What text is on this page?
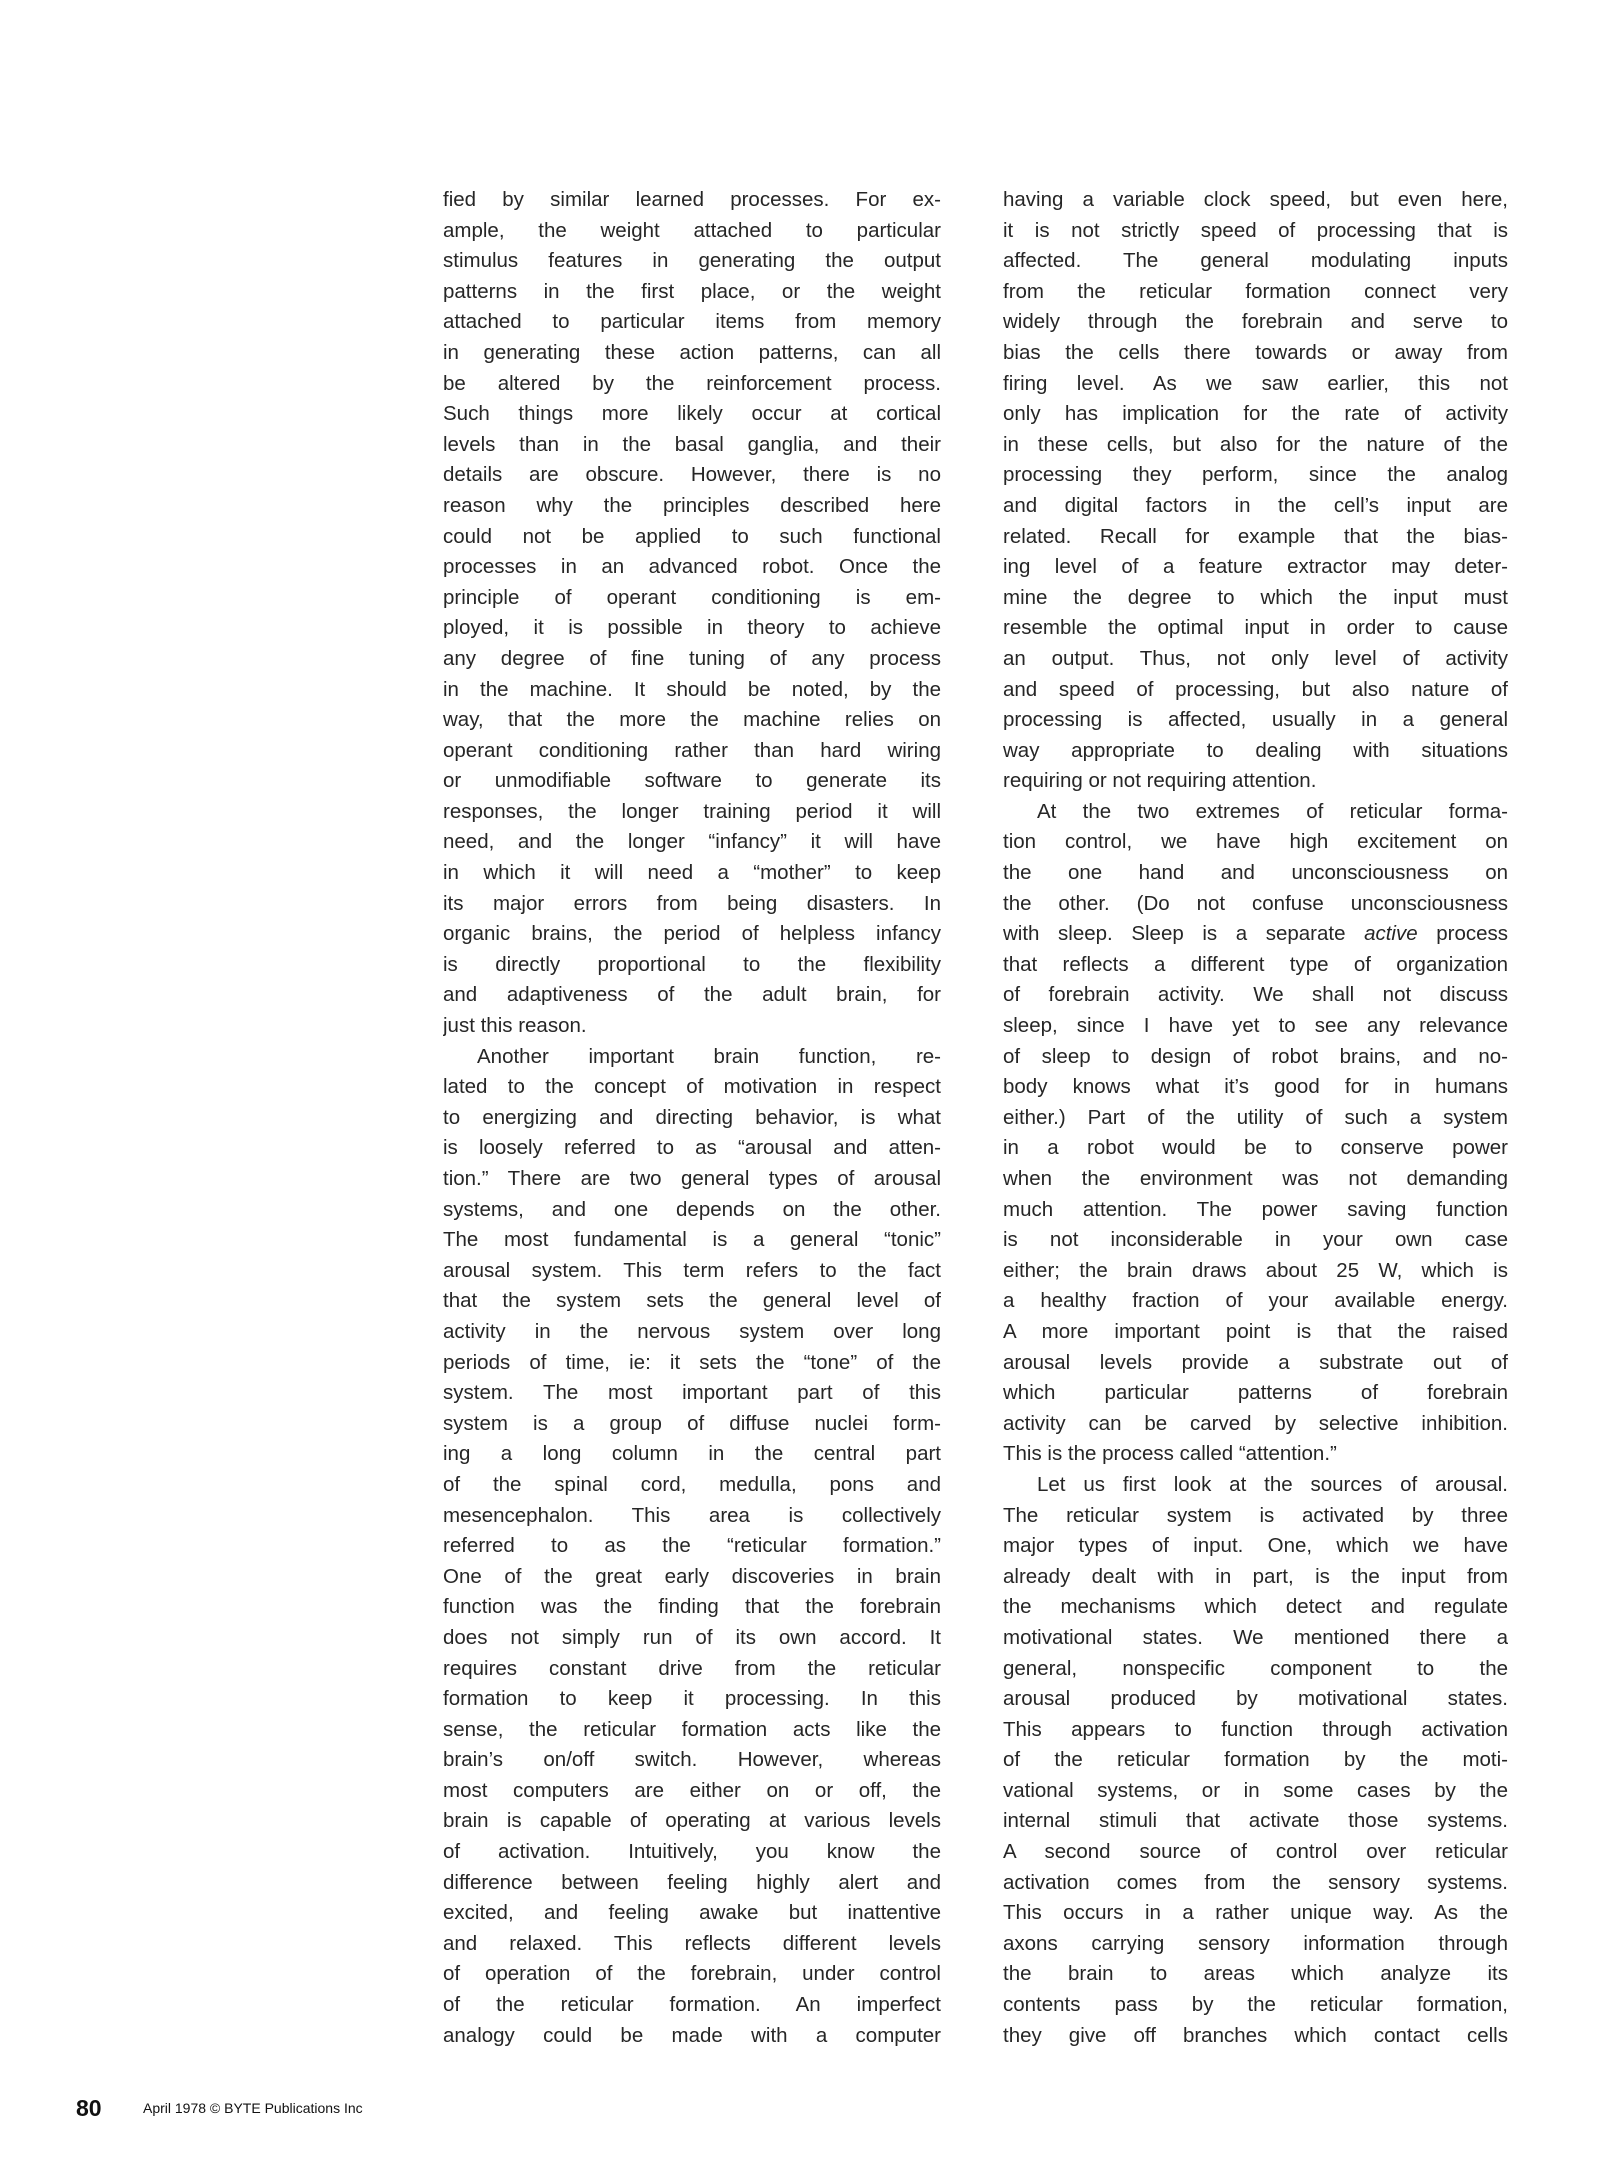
fied by similar learned processes. For ex-
ample, the weight attached to particular
stimulus features in generating the output
patterns in the first place, or the weight
attached to particular items from memory
in generating these action patterns, can all
be altered by the reinforcement process.
Such things more likely occur at cortical
levels than in the basal ganglia, and their
details are obscure. However, there is no
reason why the principles described here
could not be applied to such functional
processes in an advanced robot. Once the
principle of operant conditioning is em-
ployed, it is possible in theory to achieve
any degree of fine tuning of any process
in the machine. It should be noted, by the
way, that the more the machine relies on
operant conditioning rather than hard wiring
or unmodifiable software to generate its
responses, the longer training period it will
need, and the longer “infancy” it will have
in which it will need a “mother” to keep
its major errors from being disasters. In
organic brains, the period of helpless infancy
is directly proportional to the flexibility
and adaptiveness of the adult brain, for
just this reason.
Another important brain function, re-
lated to the concept of motivation in respect
to energizing and directing behavior, is what
is loosely referred to as “arousal and atten-
tion.” There are two general types of arousal
systems, and one depends on the other.
The most fundamental is a general “tonic”
arousal system. This term refers to the fact
that the system sets the general level of
activity in the nervous system over long
periods of time, ie: it sets the “tone” of the
system. The most important part of this
system is a group of diffuse nuclei form-
ing a long column in the central part
of the spinal cord, medulla, pons and
mesencephalon. This area is collectively
referred to as the “reticular formation.”
One of the great early discoveries in brain
function was the finding that the forebrain
does not simply run of its own accord. It
requires constant drive from the reticular
formation to keep it processing. In this
sense, the reticular formation acts like the
brain’s on/off switch. However, whereas
most computers are either on or off, the
brain is capable of operating at various levels
of activation. Intuitively, you know the
difference between feeling highly alert and
excited, and feeling awake but inattentive
and relaxed. This reflects different levels
of operation of the forebrain, under control
of the reticular formation. An imperfect
analogy could be made with a computer
having a variable clock speed, but even here,
it is not strictly speed of processing that is
affected. The general modulating inputs
from the reticular formation connect very
widely through the forebrain and serve to
bias the cells there towards or away from
firing level. As we saw earlier, this not
only has implication for the rate of activity
in these cells, but also for the nature of the
processing they perform, since the analog
and digital factors in the cell’s input are
related. Recall for example that the bias-
ing level of a feature extractor may deter-
mine the degree to which the input must
resemble the optimal input in order to cause
an output. Thus, not only level of activity
and speed of processing, but also nature of
processing is affected, usually in a general
way appropriate to dealing with situations
requiring or not requiring attention.
At the two extremes of reticular forma-
tion control, we have high excitement on
the one hand and unconsciousness on
the other. (Do not confuse unconsciousness
with sleep. Sleep is a separate active process
that reflects a different type of organization
of forebrain activity. We shall not discuss
sleep, since I have yet to see any relevance
of sleep to design of robot brains, and no-
body knows what it’s good for in humans
either.) Part of the utility of such a system
in a robot would be to conserve power
when the environment was not demanding
much attention. The power saving function
is not inconsiderable in your own case
either; the brain draws about 25 W, which is
a healthy fraction of your available energy.
A more important point is that the raised
arousal levels provide a substrate out of
which particular patterns of forebrain
activity can be carved by selective inhibition.
This is the process called “attention.”
Let us first look at the sources of arousal.
The reticular system is activated by three
major types of input. One, which we have
already dealt with in part, is the input from
the mechanisms which detect and regulate
motivational states. We mentioned there a
general, nonspecific component to the
arousal produced by motivational states.
This appears to function through activation
of the reticular formation by the moti-
vational systems, or in some cases by the
internal stimuli that activate those systems.
A second source of control over reticular
activation comes from the sensory systems.
This occurs in a rather unique way. As the
axons carrying sensory information through
the brain to areas which analyze its
contents pass by the reticular formation,
they give off branches which contact cells
80	April 1978 © BYTE Publications Inc
